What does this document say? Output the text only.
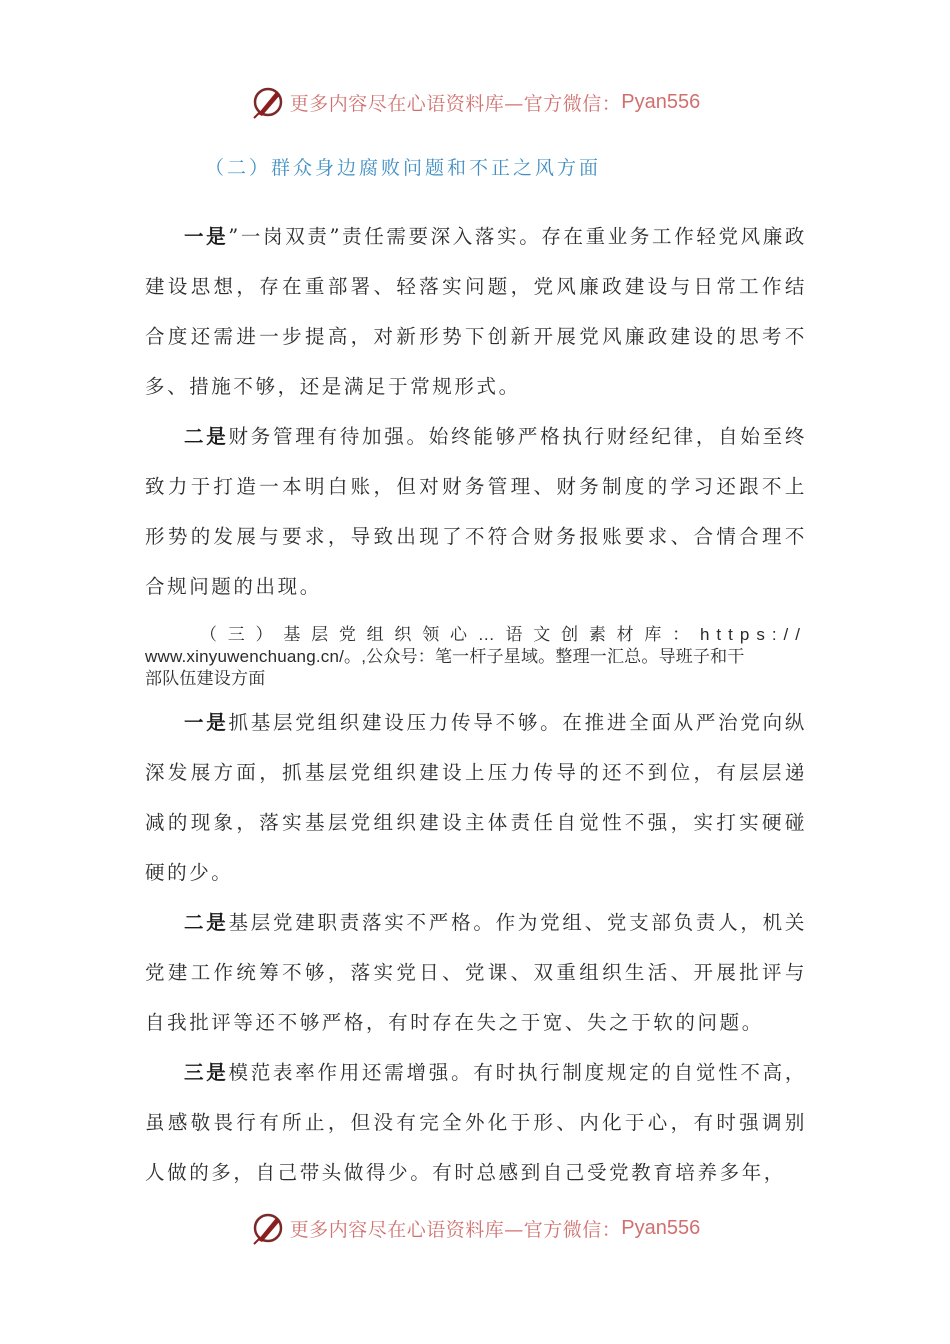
更多内容尽在心语资料库—官方微信： Pyan556
（二）群众身边腐败问题和不正之风方面

一是”一岗双责”责任需要深入落实。存在重业务工作轻党风廉政建设思想，存在重部署、轻落实问题，党风廉政建设与日常工作结合度还需进一步提高，对新形势下创新开展党风廉政建设的思考不多、措施不够，还是满足于常规形式。

二是财务管理有待加强。始终能够严格执行财经纪律，自始至终致力于打造一本明白账，但对财务管理、财务制度的学习还跟不上形势的发展与要求，导致出现了不符合财务报账要求、合情合理不合规问题的出现。

（三）基层党组织领心…语文创素材库：https://
www.xinyuwenchuang.cn/。,公众号：笔一杆子星域。整理一汇总。导班子和干
部队伍建设方面

一是抓基层党组织建设压力传导不够。在推进全面从严治党向纵深发展方面，抓基层党组织建设上压力传导的还不到位，有层层递减的现象，落实基层党组织建设主体责任自觉性不强，实打实硬碰硬的少。

二是基层党建职责落实不严格。作为党组、党支部负责人，机关党建工作统筹不够，落实党日、党课、双重组织生活、开展批评与自我批评等还不够严格，有时存在失之于宽、失之于软的问题。

三是模范表率作用还需增强。有时执行制度规定的自觉性不高，虽感敬畏行有所止，但没有完全外化于形、内化于心，有时强调别人做的多，自己带头做得少。有时总感到自己受党教育培养多年，

更多内容尽在心语资料库—官方微信： Pyan556
